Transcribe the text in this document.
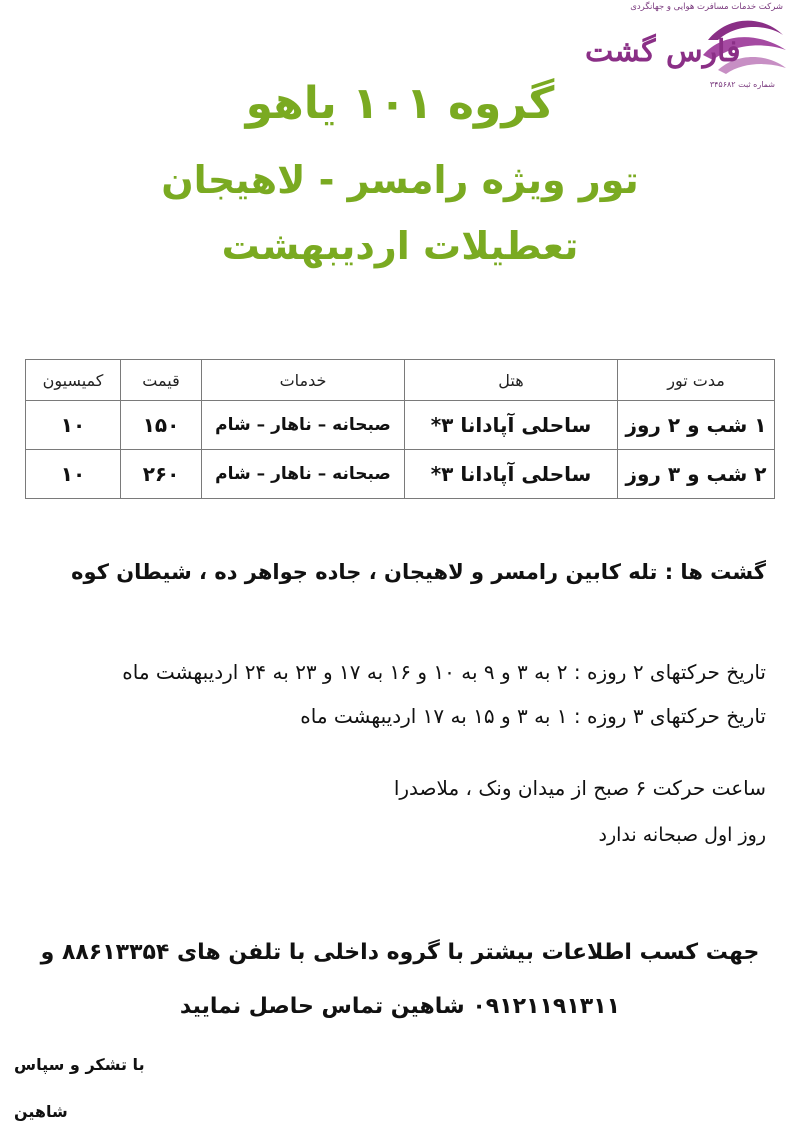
شرکت خدمات مسافرت هوایی و جهانگردی
فارس گشت
شماره ثبت ۳۴۵۶۸۲
گروه ۱۰۱ یاهو
تور ویژه رامسر - لاهیجان
تعطیلات اردیبهشت
مدت تور	هتل	خدمات	قیمت	کمیسیون
۱ شب و ۲ روز	ساحلی آپادانا ۳*	صبحانه – ناهار – شام	۱۵۰	۱۰
۲ شب و ۳ روز	ساحلی آپادانا ۳*	صبحانه – ناهار – شام	۲۶۰	۱۰
گشت ها : تله کابین رامسر و لاهیجان ، جاده جواهر ده ، شیطان کوه
تاریخ حرکتهای ۲ روزه : ۲ به ۳ و ۹ به ۱۰ و ۱۶ به ۱۷ و ۲۳ به ۲۴ اردیبهشت ماه
تاریخ حرکتهای ۳ روزه : ۱ به ۳ و ۱۵ به ۱۷ اردیبهشت ماه
ساعت حرکت ۶ صبح از میدان ونک ، ملاصدرا
روز اول صبحانه ندارد
جهت کسب اطلاعات بیشتر با گروه داخلی با تلفن های ۸۸۶۱۳۳۵۴ و
۰۹۱۲۱۱۹۱۳۱۱ شاهین تماس حاصل نمایید
با تشکر و سپاس
شاهین
